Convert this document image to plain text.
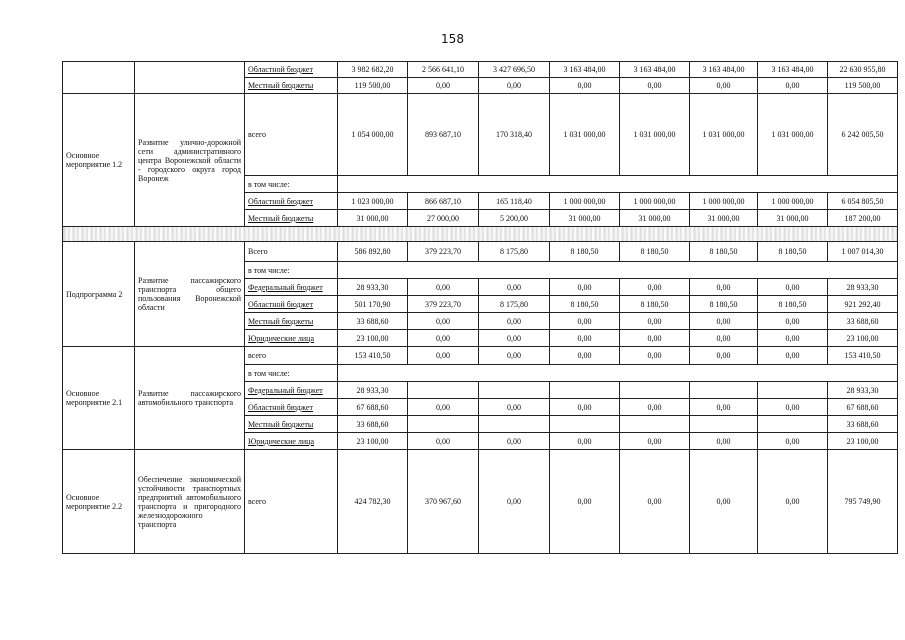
158
		Областной бюджет	3 982 682,20	2 566 641,10	3 427 696,50	3 163 484,00	3 163 484,00	3 163 484,00	3 163 484,00	22 630 955,80
		Местный бюджеты	119 500,00	0,00	0,00	0,00	0,00	0,00	0,00	119 500,00
Основное мероприятие 1.2	Развитие улично-дорожной сети административного центра Воронежской области - городского округа город Воронеж	всего	1 054 000,00	893 687,10	170 318,40	1 031 000,00	1 031 000,00	1 031 000,00	1 031 000,00	6 242 005,50
		в том числе:								
		Областной бюджет	1 023 000,00	866 687,10	165 118,40	1 000 000,00	1 000 000,00	1 000 000,00	1 000 000,00	6 054 805,50
		Местный бюджеты	31 000,00	27 000,00	5 200,00	31 000,00	31 000,00	31 000,00	31 000,00	187 200,00

Подпрограмма 2	Развитие пассажирского транспорта общего пользования Воронежской области	Всего	586 892,80	379 223,70	8 175,80	8 180,50	8 180,50	8 180,50	8 180,50	1 007 014,30
		в том числе:								
		Федеральный бюджет	28 933,30	0,00	0,00	0,00	0,00	0,00	0,00	28 933,30
		Областной бюджет	501 170,90	379 223,70	8 175,80	8 180,50	8 180,50	8 180,50	8 180,50	921 292,40
		Местный бюджеты	33 688,60	0,00	0,00	0,00	0,00	0,00	0,00	33 688,60
		Юридические лица	23 100,00	0,00	0,00	0,00	0,00	0,00	0,00	23 100,00
Основное мероприятие 2.1	Развитие пассажирского автомобильного транспорта	всего	153 410,50	0,00	0,00	0,00	0,00	0,00	0,00	153 410,50
		в том числе:								
		Федеральный бюджет	28 933,30							28 933,30
		Областной бюджет	67 688,60	0,00	0,00	0,00	0,00	0,00	0,00	67 688,60
		Местный бюджеты	33 688,60							33 688,60
		Юридические лица	23 100,00	0,00	0,00	0,00	0,00	0,00	0,00	23 100,00
Основное мероприятие 2.2	Обеспечение экономической устойчивости транспортных предприятий автомобильного транспорта и пригородного железнодорожного транспорта	всего	424 782,30	370 967,60	0,00	0,00	0,00	0,00	0,00	795 749,90
